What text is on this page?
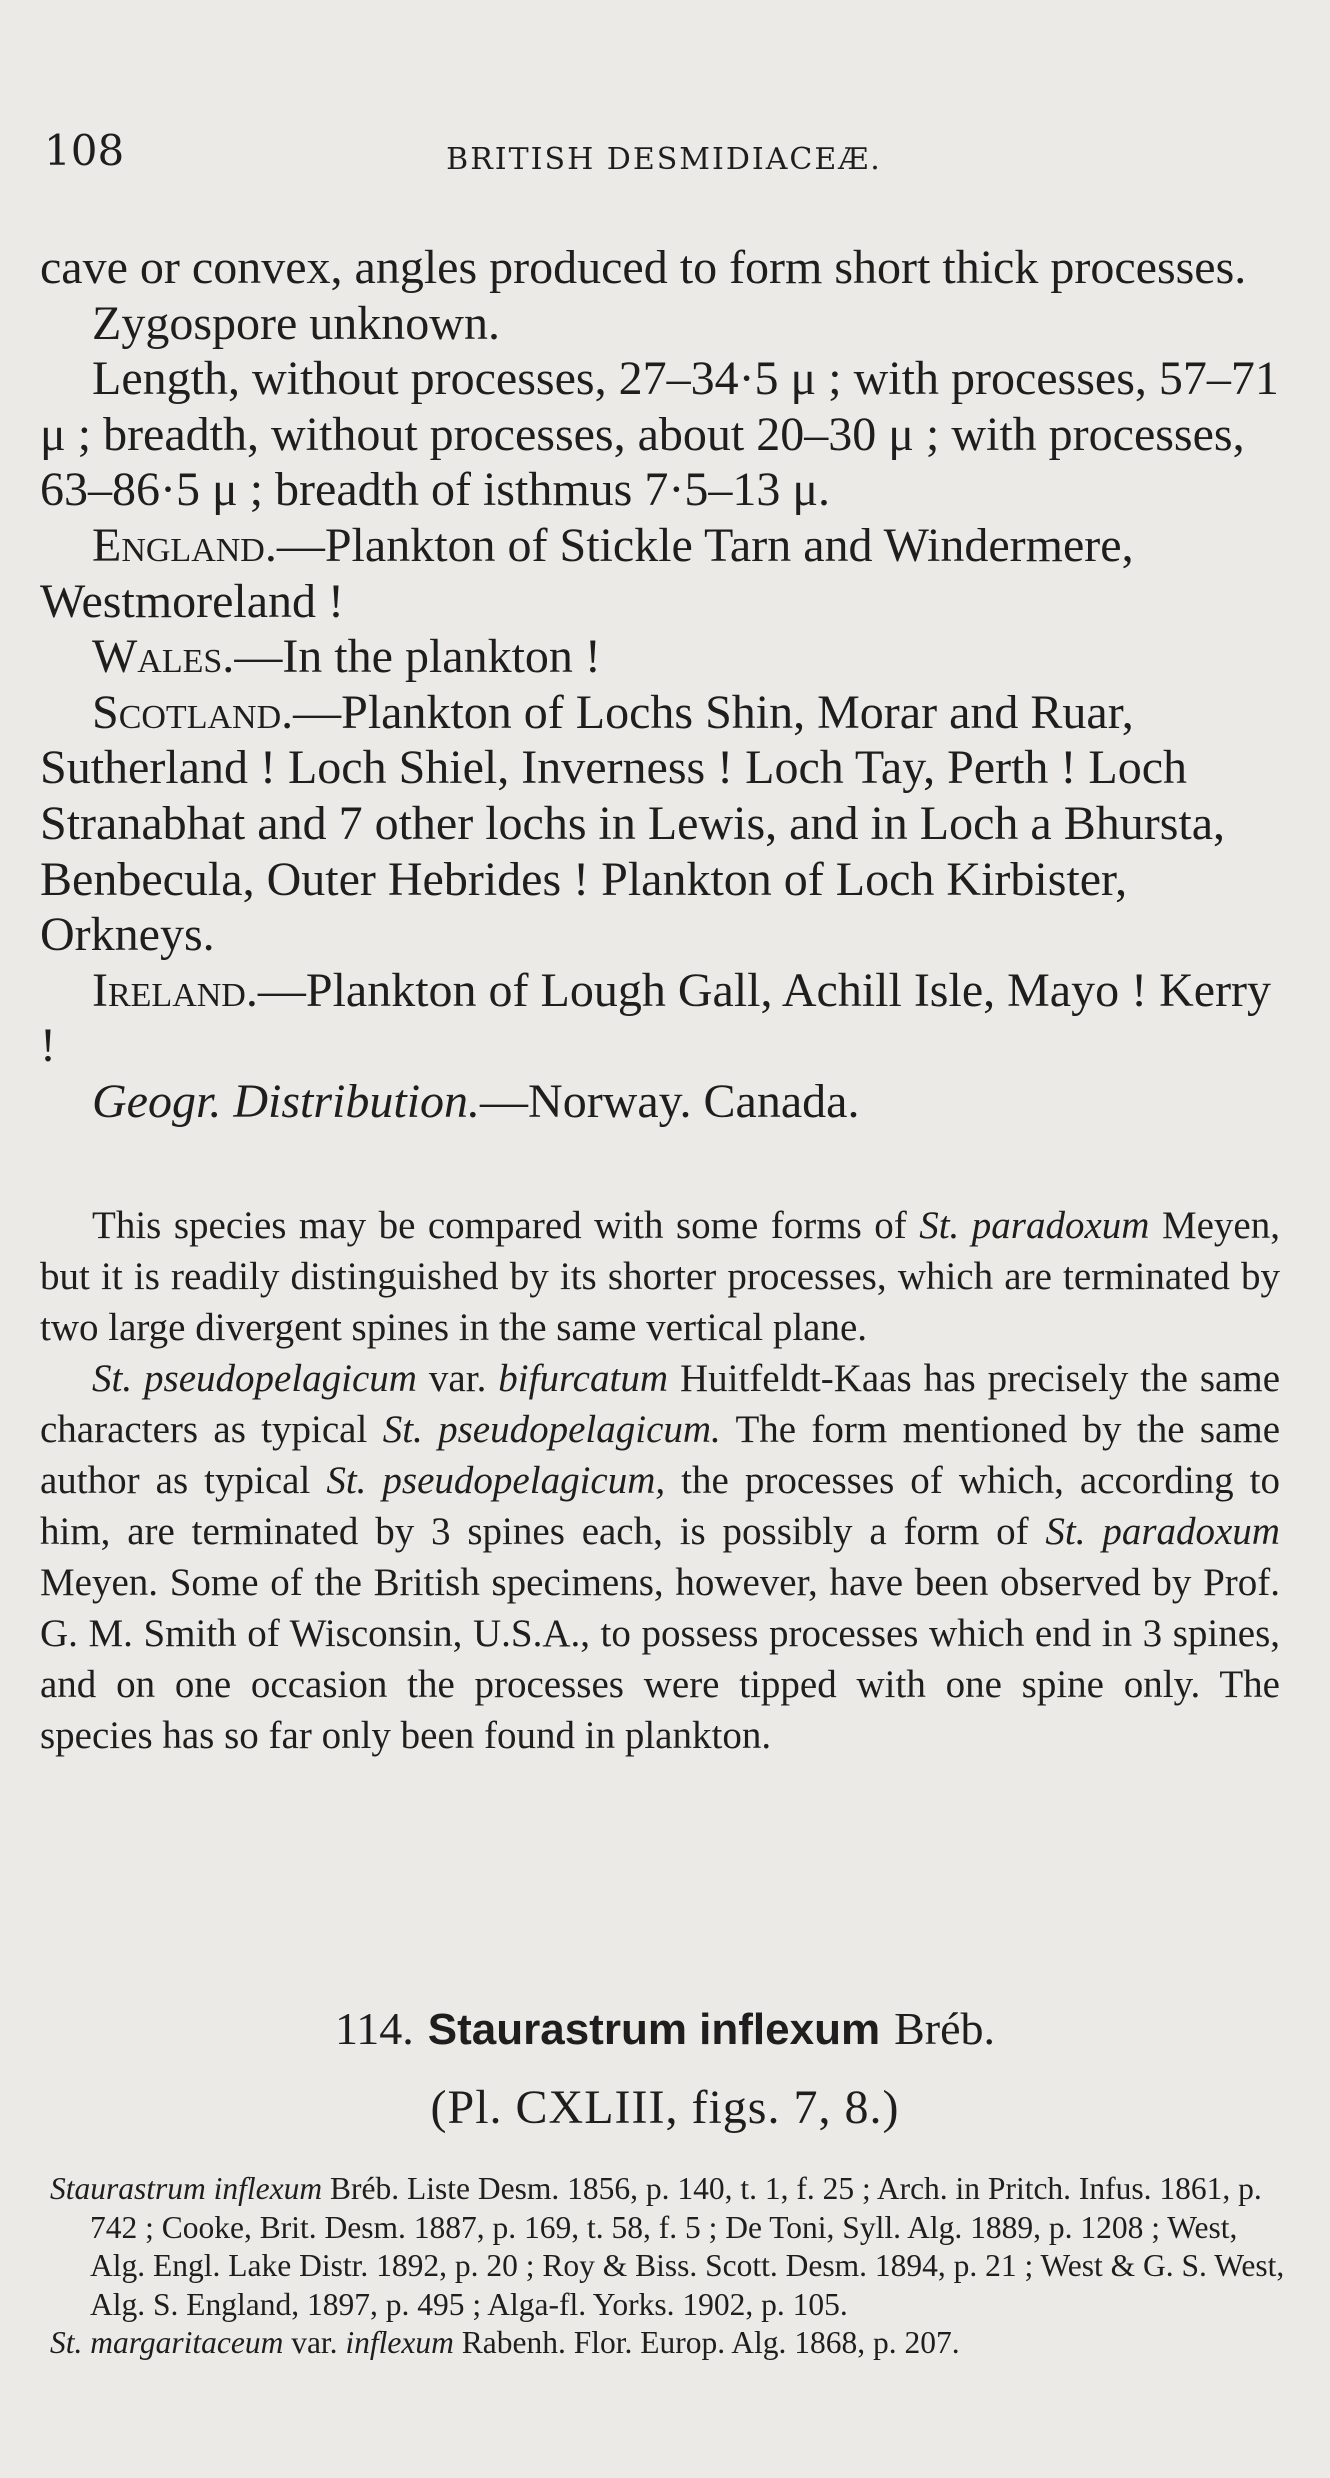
108	BRITISH DESMIDIACEÆ.

cave or convex, angles produced to form short thick processes.

Zygospore unknown.

Length, without processes, 27–34·5 μ ; with processes, 57–71 μ ; breadth, without processes, about 20–30 μ ; with processes, 63–86·5 μ ; breadth of isthmus 7·5–13 μ.

England.—Plankton of Stickle Tarn and Windermere, Westmoreland !

Wales.—In the plankton !

Scotland.—Plankton of Lochs Shin, Morar and Ruar, Sutherland ! Loch Shiel, Inverness ! Loch Tay, Perth ! Loch Stranabhat and 7 other lochs in Lewis, and in Loch a Bhursta, Benbecula, Outer Hebrides ! Plankton of Loch Kirbister, Orkneys.

Ireland.—Plankton of Lough Gall, Achill Isle, Mayo ! Kerry !

Geogr. Distribution.—Norway. Canada.

This species may be compared with some forms of St. paradoxum Meyen, but it is readily distinguished by its shorter processes, which are terminated by two large divergent spines in the same vertical plane.

St. pseudopelagicum var. bifurcatum Huitfeldt-Kaas has precisely the same characters as typical St. pseudopelagicum. The form mentioned by the same author as typical St. pseudopelagicum, the processes of which, according to him, are terminated by 3 spines each, is possibly a form of St. paradoxum Meyen. Some of the British specimens, however, have been observed by Prof. G. M. Smith of Wisconsin, U.S.A., to possess processes which end in 3 spines, and on one occasion the processes were tipped with one spine only. The species has so far only been found in plankton.

114. Staurastrum inflexum Bréb.
(Pl. CXLIII, figs. 7, 8.)

Staurastrum inflexum Bréb. Liste Desm. 1856, p. 140, t. 1, f. 25 ; Arch. in Pritch. Infus. 1861, p. 742 ; Cooke, Brit. Desm. 1887, p. 169, t. 58, f. 5 ; De Toni, Syll. Alg. 1889, p. 1208 ; West, Alg. Engl. Lake Distr. 1892, p. 20 ; Roy & Biss. Scott. Desm. 1894, p. 21 ; West & G. S. West, Alg. S. England, 1897, p. 495 ; Alga-fl. Yorks. 1902, p. 105.

St. margaritaceum var. inflexum Rabenh. Flor. Europ. Alg. 1868, p. 207.
